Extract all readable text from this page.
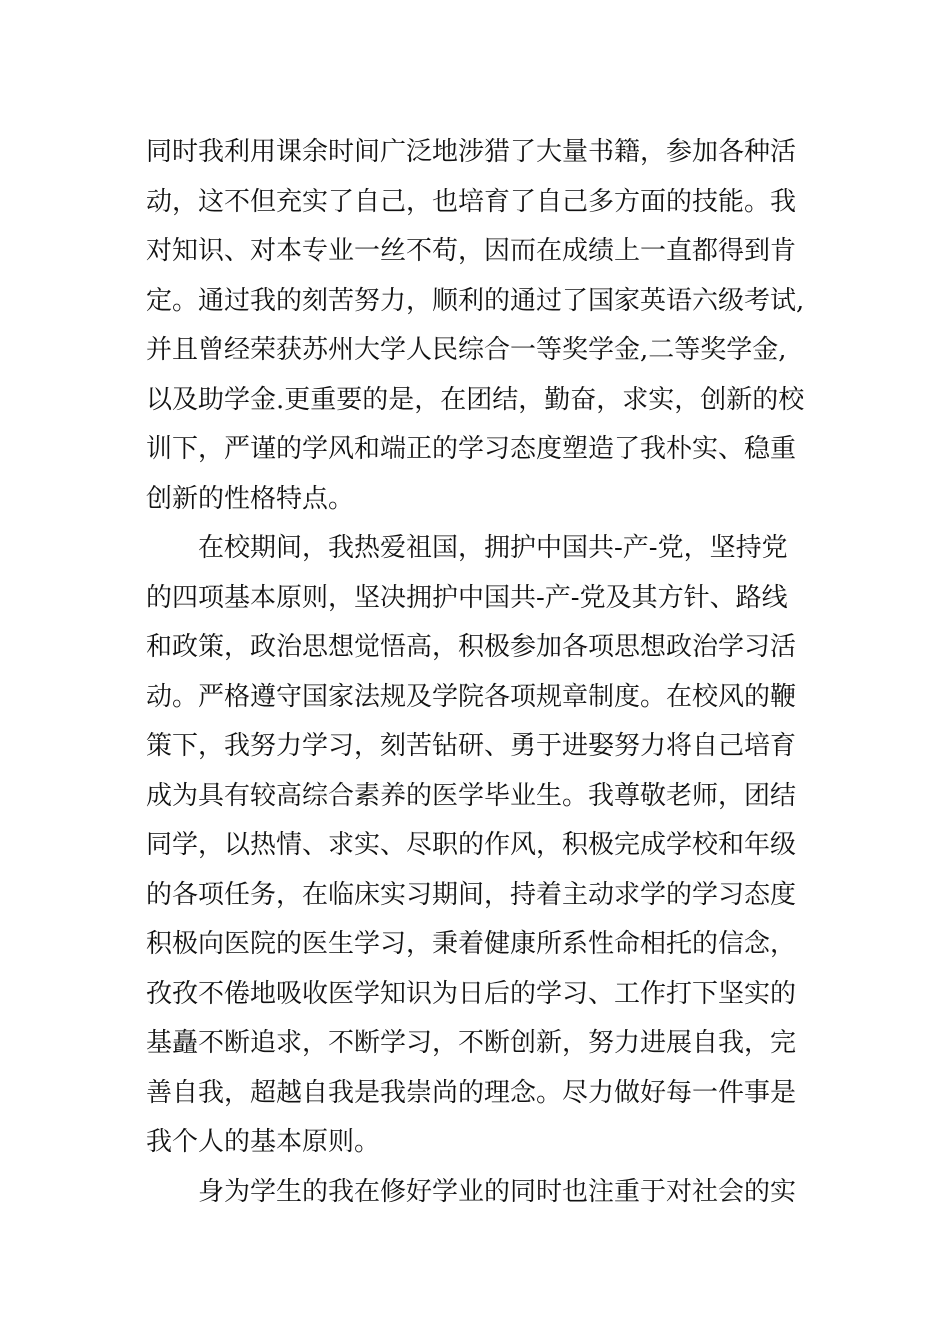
同时我利用课余时间广泛地涉猎了大量书籍，参加各种活
动，这不但充实了自己，也培育了自己多方面的技能。我
对知识、对本专业一丝不苟，因而在成绩上一直都得到肯
定。通过我的刻苦努力，顺利的通过了国家英语六级考试,
并且曾经荣获苏州大学人民综合一等奖学金,二等奖学金,
以及助学金.更重要的是，在团结，勤奋，求实，创新的校
训下，严谨的学风和端正的学习态度塑造了我朴实、稳重
创新的性格特点。
在校期间，我热爱祖国，拥护中国共-产-党，坚持党
的四项基本原则，坚决拥护中国共-产-党及其方针、路线
和政策，政治思想觉悟高，积极参加各项思想政治学习活
动。严格遵守国家法规及学院各项规章制度。在校风的鞭
策下，我努力学习，刻苦钻研、勇于进娶努力将自己培育
成为具有较高综合素养的医学毕业生。我尊敬老师，团结
同学，以热情、求实、尽职的作风，积极完成学校和年级
的各项任务，在临床实习期间，持着主动求学的学习态度
积极向医院的医生学习，秉着健康所系性命相托的信念，
孜孜不倦地吸收医学知识为日后的学习、工作打下坚实的
基矗不断追求，不断学习，不断创新，努力进展自我，完
善自我，超越自我是我崇尚的理念。尽力做好每一件事是
我个人的基本原则。
身为学生的我在修好学业的同时也注重于对社会的实
